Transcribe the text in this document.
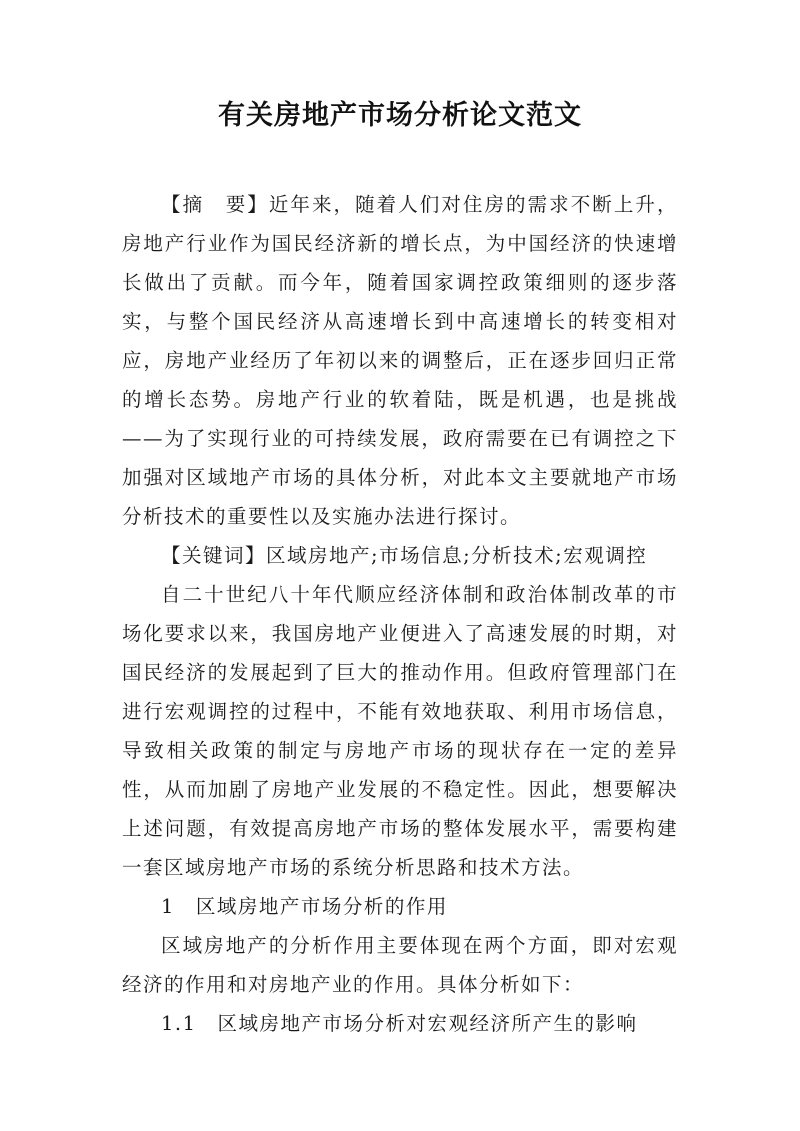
有关房地产市场分析论文范文

【摘　要】近年来，随着人们对住房的需求不断上升，房地产行业作为国民经济新的增长点，为中国经济的快速增长做出了贡献。而今年，随着国家调控政策细则的逐步落实，与整个国民经济从高速增长到中高速增长的转变相对应，房地产业经历了年初以来的调整后，正在逐步回归正常的增长态势。房地产行业的软着陆，既是机遇，也是挑战——为了实现行业的可持续发展，政府需要在已有调控之下加强对区域地产市场的具体分析，对此本文主要就地产市场分析技术的重要性以及实施办法进行探讨。

【关键词】区域房地产;市场信息;分析技术;宏观调控

自二十世纪八十年代顺应经济体制和政治体制改革的市场化要求以来，我国房地产业便进入了高速发展的时期，对国民经济的发展起到了巨大的推动作用。但政府管理部门在进行宏观调控的过程中，不能有效地获取、利用市场信息，导致相关政策的制定与房地产市场的现状存在一定的差异性，从而加剧了房地产业发展的不稳定性。因此，想要解决上述问题，有效提高房地产市场的整体发展水平，需要构建一套区域房地产市场的系统分析思路和技术方法。

1　区域房地产市场分析的作用

区域房地产的分析作用主要体现在两个方面，即对宏观经济的作用和对房地产业的作用。具体分析如下：

1.1　区域房地产市场分析对宏观经济所产生的影响
